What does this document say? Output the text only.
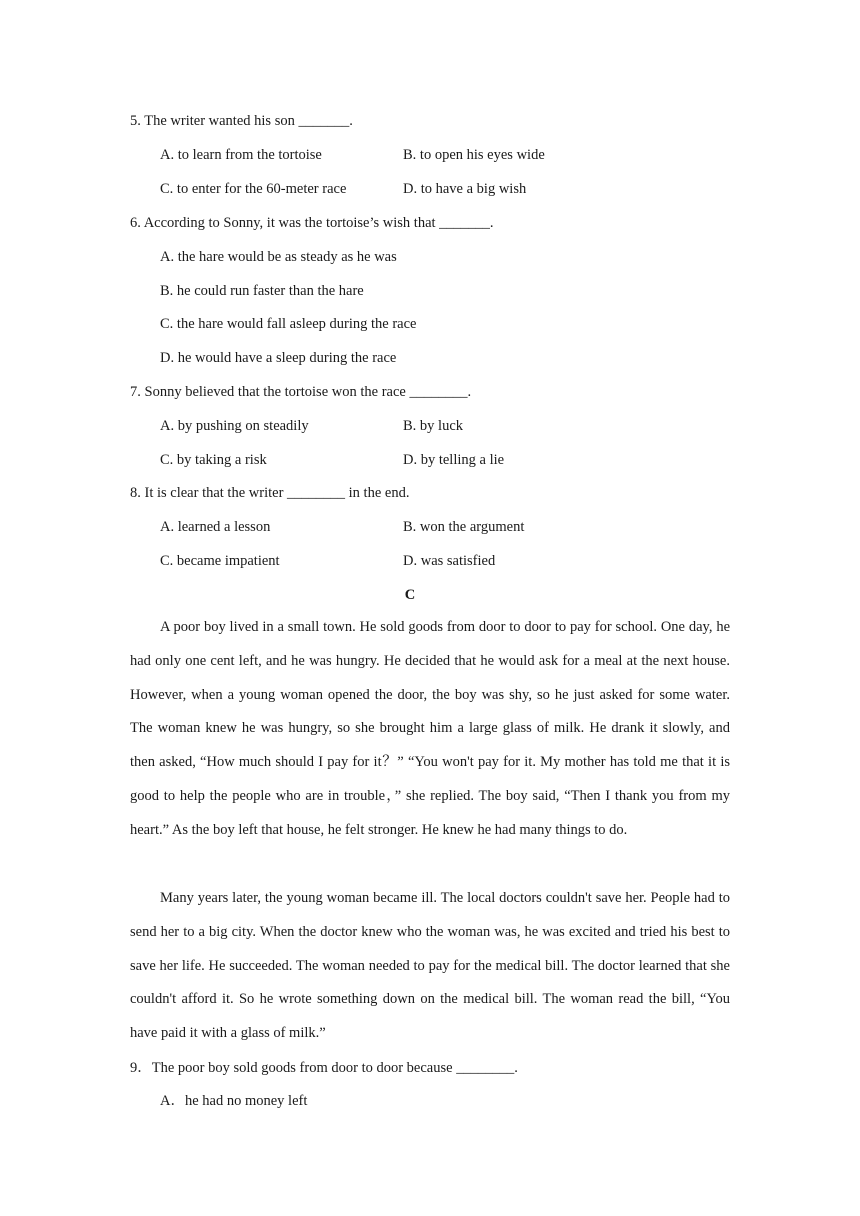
5. The writer wanted his son _______.
A. to learn from the tortoise	B. to open his eyes wide
C. to enter for the 60-meter race	D. to have a big wish
6. According to Sonny, it was the tortoise’s wish that _______.
A. the hare would be as steady as he was
B. he could run faster than the hare
C. the hare would fall asleep during the race
D. he would have a sleep during the race
7. Sonny believed that the tortoise won the race ________.
A. by pushing on steadily	B. by luck
C. by taking a risk	D. by telling a lie
8. It is clear that the writer ________ in the end.
A. learned a lesson	B. won the argument
C. became impatient	D. was satisfied
C

A poor boy lived in a small town. He sold goods from door to door to pay for school. One day, he had only one cent left, and he was hungry. He decided that he would ask for a meal at the next house. However, when a young woman opened the door, the boy was shy, so he just asked for some water. The woman knew he was hungry, so she brought him a large glass of milk. He drank it slowly, and then asked, “How much should I pay for it？” “You won't pay for it. My mother has told me that it is good to help the people who are in trouble，” she replied. The boy said, “Then I thank you from my heart.” As the boy left that house, he felt stronger. He knew he had many things to do.

Many years later, the young woman became ill. The local doctors couldn't save her. People had to send her to a big city. When the doctor knew who the woman was, he was excited and tried his best to save her life. He succeeded. The woman needed to pay for the medical bill. The doctor learned that she couldn't afford it. So he wrote something down on the medical bill. The woman read the bill, “You have paid it with a glass of milk.”

9．The poor boy sold goods from door to door because ________.
A．he had no money left
